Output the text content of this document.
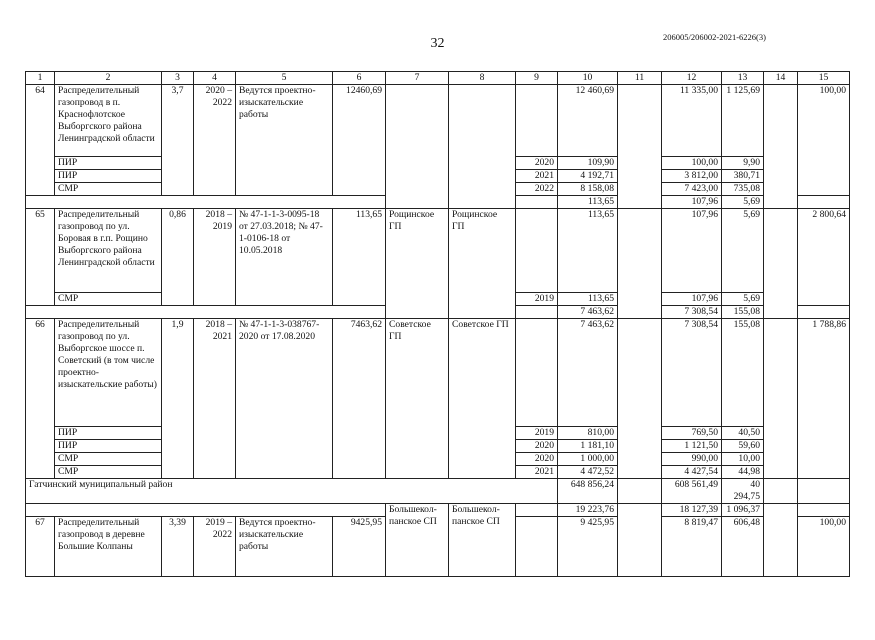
32	206005/206002-2021-6226(3)
1	2	3	4	5	6	7	8	9	10	11	12	13	14	15
64	Распределительный газопровод в п. Краснофлотское Выборгского района Ленинградской области	3,7	2020 – 2022	Ведутся проектно-изыскательские работы	12460,69				12 460,69		11 335,00	1 125,69		100,00
	ПИР							2020	109,90		100,00	9,90		
	ПИР							2021	4 192,71		3 812,00	380,71		
	СМР							2022	8 158,08		7 423,00	735,08		
									113,65		107,96	5,69		
65	Распределительный газопровод по ул. Боровая в г.п. Рощино Выборгского района Ленинградской области	0,86	2018 – 2019	№ 47-1-1-3-0095-18 от 27.03.2018; № 47-1-0106-18 от 10.05.2018	113,65	Рощинское ГП	Рощинское ГП		113,65		107,96	5,69		2 800,64
	СМР							2019	113,65		107,96	5,69		
									7 463,62		7 308,54	155,08		
66	Распределительный газопровод по ул. Выборгское шоссе п. Советский (в том числе проектно-изыскательские работы)	1,9	2018 – 2021	№ 47-1-1-3-038767-2020 от 17.08.2020	7463,62	Советское ГП	Советское ГП		7 463,62		7 308,54	155,08		1 788,86
	ПИР							2019	810,00		769,50	40,50		
	ПИР							2020	1 181,10		1 121,50	59,60		
	СМР							2020	1 000,00		990,00	10,00		
	СМР							2021	4 472,52		4 427,54	44,98		
Гатчинский муниципальный район									648 856,24		608 561,49	40 294,75		
						Большекол-панское СП	Большекол-панское СП		19 223,76		18 127,39	1 096,37		
67	Распределительный газопровод в деревне Большие Колпаны	3,39	2019 – 2022	Ведутся проектно-изыскательские работы	9425,95				9 425,95		8 819,47	606,48		100,00
